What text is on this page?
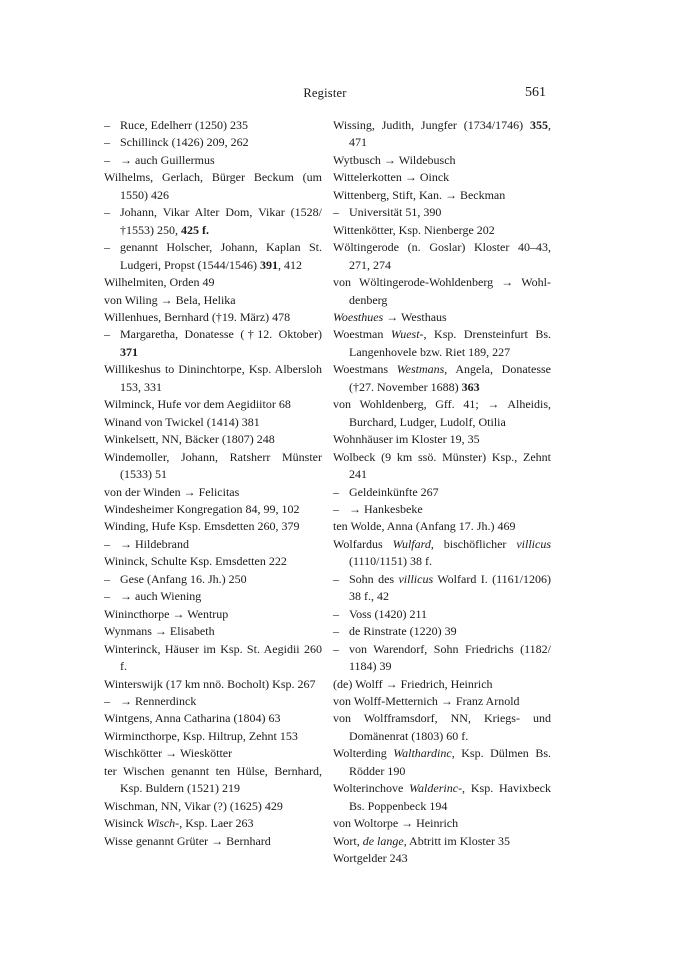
Register	561
– Ruce, Edelherr (1250) 235
– Schillinck (1426) 209, 262
– → auch Guillermus
Wilhelms, Gerlach, Bürger Beckum (um 1550) 426
– Johann, Vikar Alter Dom, Vikar (1528/†1553) 250, 425 f.
– genannt Holscher, Johann, Kaplan St. Ludgeri, Propst (1544/1546) 391, 412
Wilhelmiten, Orden 49
von Wiling → Bela, Helika
Willenhues, Bernhard (†19. März) 478
– Margaretha, Donatesse (†12. Oktober) 371
Willikeshus to Dininchtorpe, Ksp. Albersloh 153, 331
Wilminck, Hufe vor dem Aegidiitor 68
Winand von Twickel (1414) 381
Winkelsett, NN, Bäcker (1807) 248
Windemoller, Johann, Ratsherr Münster (1533) 51
von der Winden → Felicitas
Windesheimer Kongregation 84, 99, 102
Winding, Hufe Ksp. Emsdetten 260, 379
– → Hildebrand
Wininck, Schulte Ksp. Emsdetten 222
– Gese (Anfang 16. Jh.) 250
– → auch Wiening
Winincthorpe → Wentrup
Wynmans → Elisabeth
Winterinck, Häuser im Ksp. St. Aegidii 260 f.
Winterswijk (17 km nnö. Bocholt) Ksp. 267
– → Rennerdinck
Wintgens, Anna Catharina (1804) 63
Wirmincthorpe, Ksp. Hiltrup, Zehnt 153
Wischkötter → Wieskötter
ter Wischen genannt ten Hülse, Bernhard, Ksp. Buldern (1521) 219
Wischman, NN, Vikar (?) (1625) 429
Wisinck Wisch-, Ksp. Laer 263
Wisse genannt Grüter → Bernhard
Wissing, Judith, Jungfer (1734/1746) 355, 471
Wytbusch → Wildebusch
Wittelerkotten → Oinck
Wittenberg, Stift, Kan. → Beckman
– Universität 51, 390
Wittenkötter, Ksp. Nienberge 202
Wöltingerode (n. Goslar) Kloster 40–43, 271, 274
von Wöltingerode-Wohldenberg → Wohldenberg
Woesthues → Westhaus
Woestman Wuest-, Ksp. Drensteinfurt Bs. Langenhovele bzw. Riet 189, 227
Woestmans Westmans, Angela, Donatesse (†27. November 1688) 363
von Wohldenberg, Gff. 41; → Alheidis, Burchard, Ludger, Ludolf, Otilia
Wohnhäuser im Kloster 19, 35
Wolbeck (9 km ssö. Münster) Ksp., Zehnt 241
– Geldeinkünfte 267
– → Hankesbeke
ten Wolde, Anna (Anfang 17. Jh.) 469
Wolfardus Wulfard, bischöflicher villicus (1110/1151) 38 f.
– Sohn des villicus Wolfard I. (1161/1206) 38 f., 42
– Voss (1420) 211
– de Rinstrate (1220) 39
– von Warendorf, Sohn Friedrichs (1182/ 1184) 39
(de) Wolff → Friedrich, Heinrich
von Wolff-Metternich → Franz Arnold
von Wolfframsdorf, NN, Kriegs- und Domänenrat (1803) 60 f.
Wolterding Walthardinc, Ksp. Dülmen Bs. Rödder 190
Wolterinchove Walderinc-, Ksp. Havixbeck Bs. Poppenbeck 194
von Woltorpe → Heinrich
Wort, de lange, Abtritt im Kloster 35
Wortgelder 243
